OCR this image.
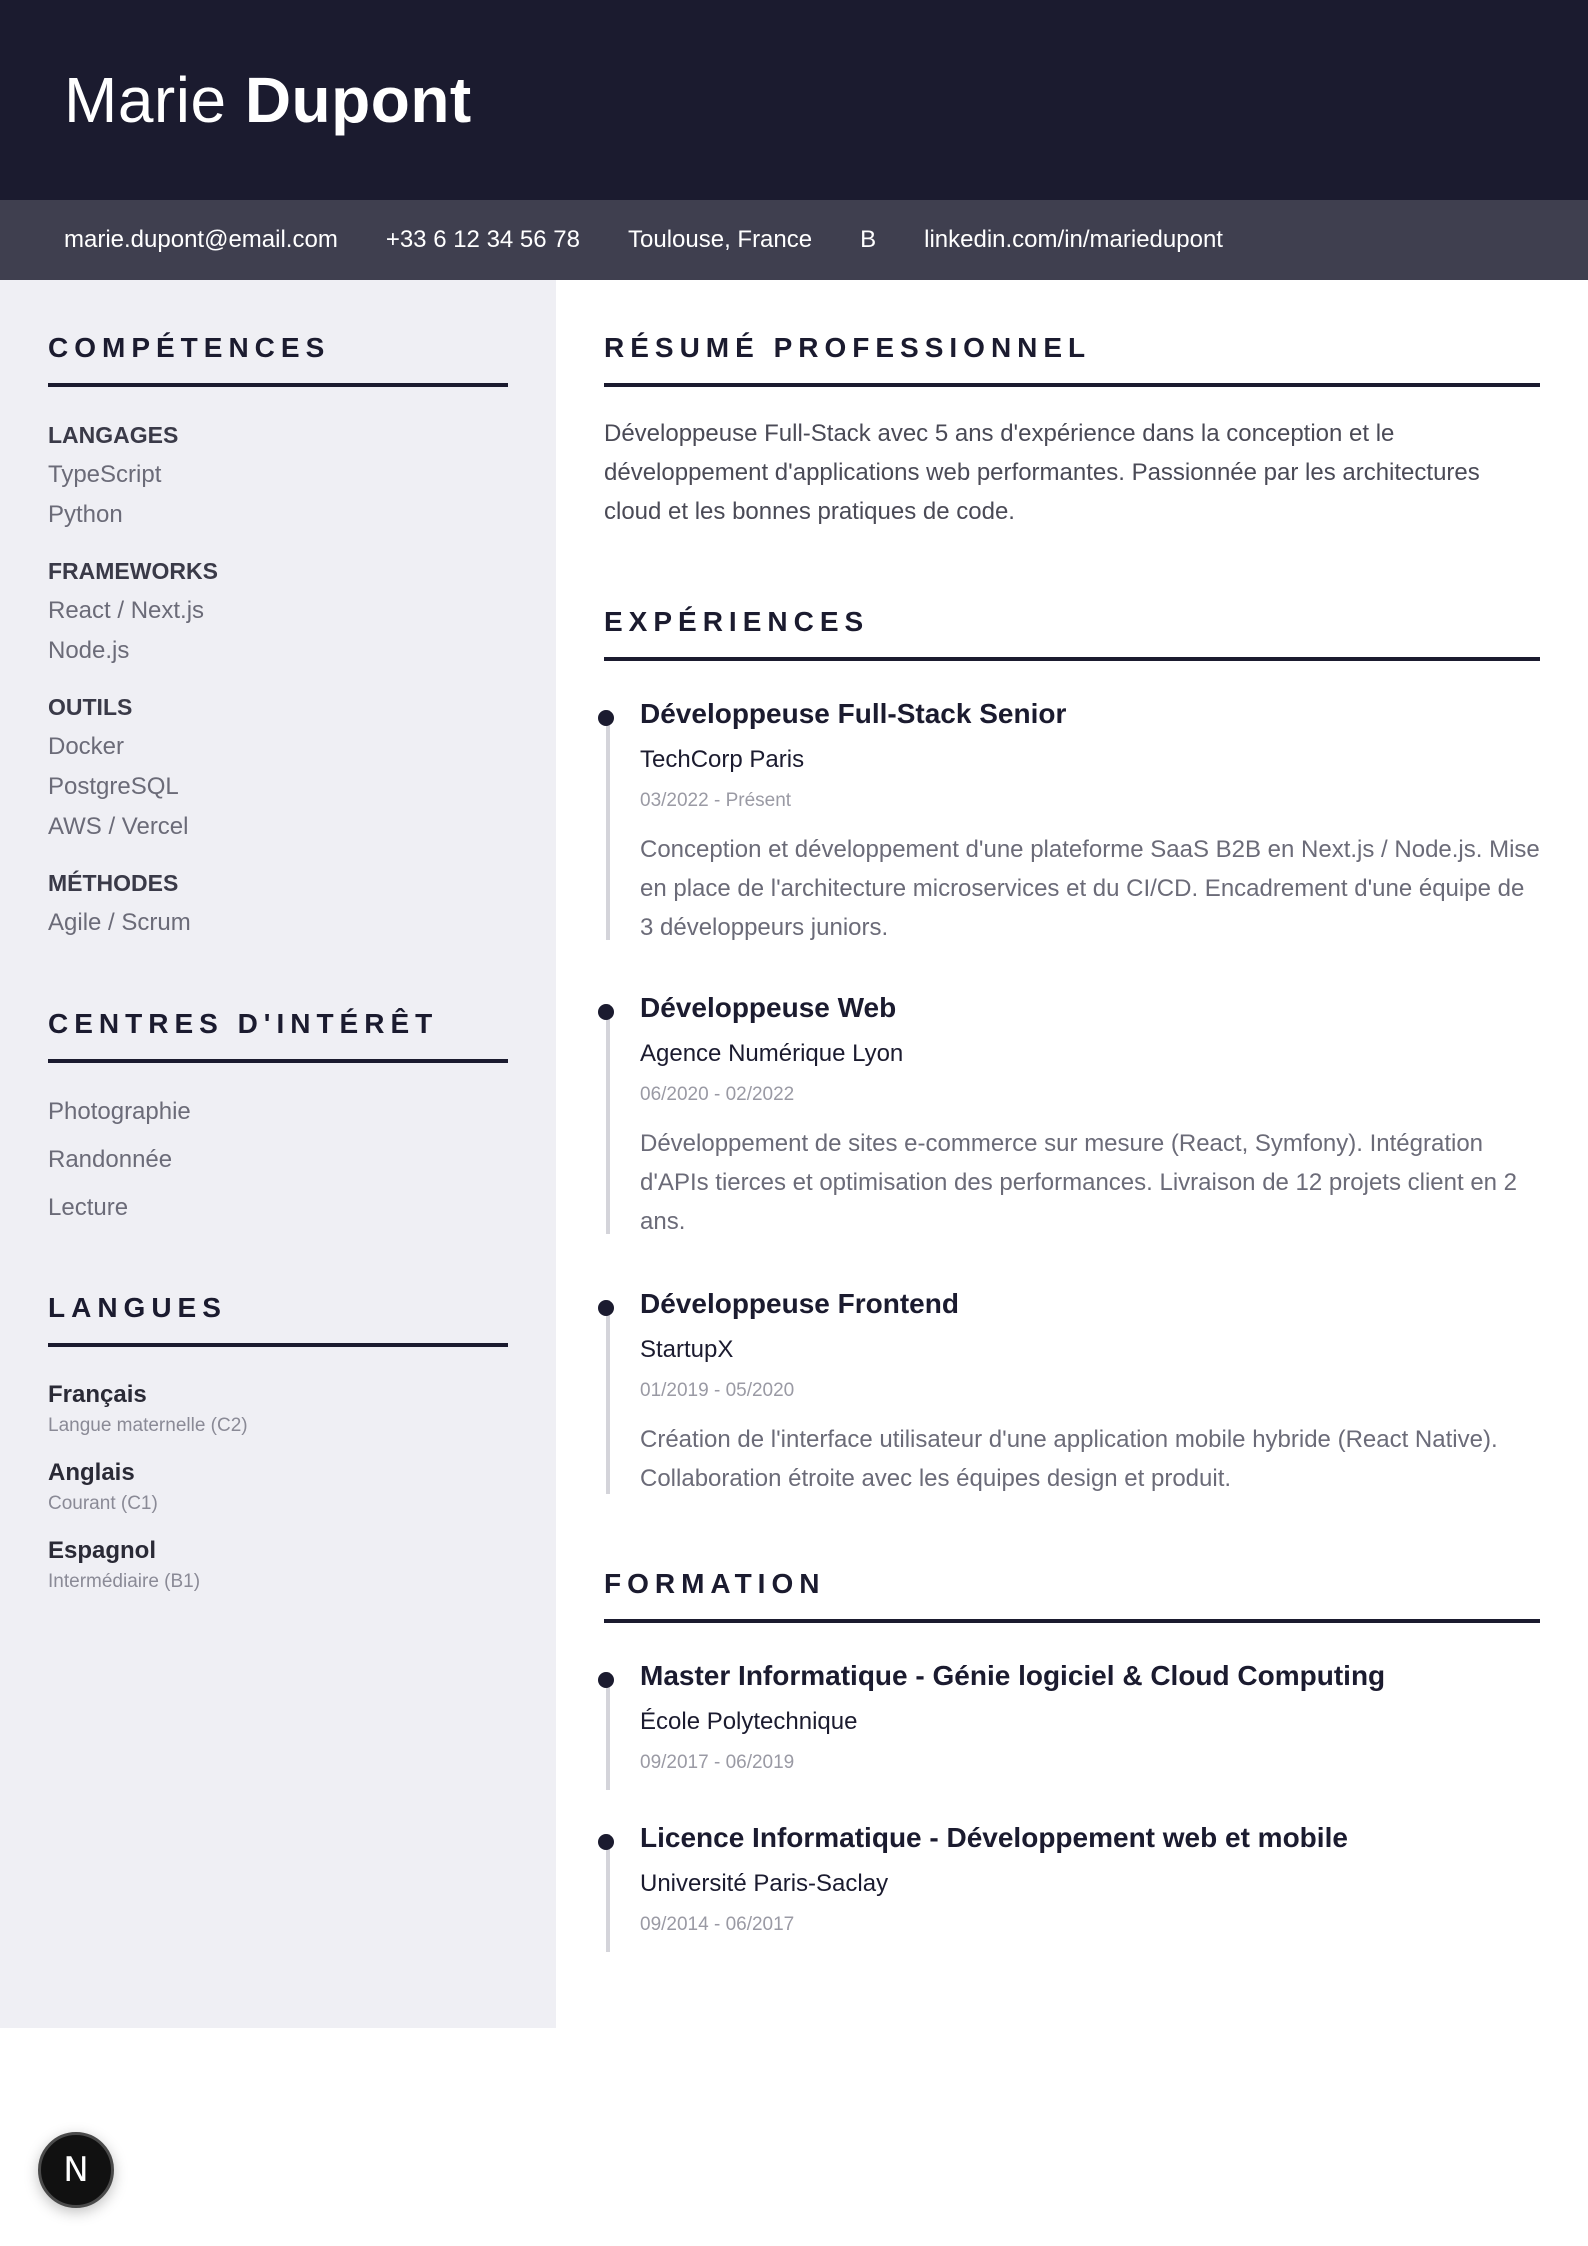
Marie Dupont
marie.dupont@email.com +33 6 12 34 56 78 Toulouse, France B linkedin.com/in/mariedupont
COMPÉTENCES
LANGAGES
TypeScript
Python
FRAMEWORKS
React / Next.js
Node.js
OUTILS
Docker
PostgreSQL
AWS / Vercel
MÉTHODES
Agile / Scrum
CENTRES D'INTÉRÊT
Photographie
Randonnée
Lecture
LANGUES
Français
Langue maternelle (C2)
Anglais
Courant (C1)
Espagnol
Intermédiaire (B1)
RÉSUMÉ PROFESSIONNEL
Développeuse Full-Stack avec 5 ans d'expérience dans la conception et le développement d'applications web performantes. Passionnée par les architectures cloud et les bonnes pratiques de code.
EXPÉRIENCES
Développeuse Full-Stack Senior
TechCorp Paris
03/2022 - Présent
Conception et développement d'une plateforme SaaS B2B en Next.js / Node.js. Mise en place de l'architecture microservices et du CI/CD. Encadrement d'une équipe de 3 développeurs juniors.
Développeuse Web
Agence Numérique Lyon
06/2020 - 02/2022
Développement de sites e-commerce sur mesure (React, Symfony). Intégration d'APIs tierces et optimisation des performances. Livraison de 12 projets client en 2 ans.
Développeuse Frontend
StartupX
01/2019 - 05/2020
Création de l'interface utilisateur d'une application mobile hybride (React Native). Collaboration étroite avec les équipes design et produit.
FORMATION
Master Informatique - Génie logiciel & Cloud Computing
École Polytechnique
09/2017 - 06/2019
Licence Informatique - Développement web et mobile
Université Paris-Saclay
09/2014 - 06/2017
N
